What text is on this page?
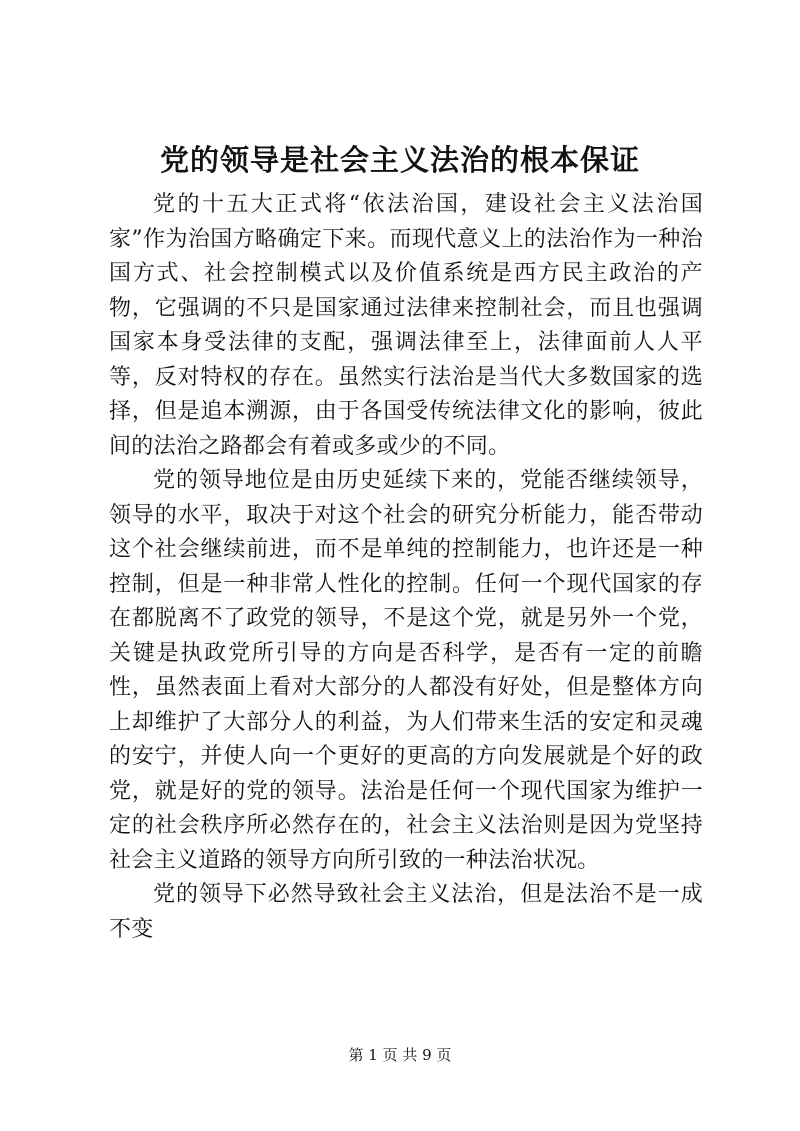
党的领导是社会主义法治的根本保证

党的十五大正式将“依法治国，建设社会主义法治国家”作为治国方略确定下来。而现代意义上的法治作为一种治国方式、社会控制模式以及价值系统是西方民主政治的产物，它强调的不只是国家通过法律来控制社会，而且也强调国家本身受法律的支配，强调法律至上，法律面前人人平等，反对特权的存在。虽然实行法治是当代大多数国家的选择，但是追本溯源，由于各国受传统法律文化的影响，彼此间的法治之路都会有着或多或少的不同。

党的领导地位是由历史延续下来的，党能否继续领导，领导的水平，取决于对这个社会的研究分析能力，能否带动这个社会继续前进，而不是单纯的控制能力，也许还是一种控制，但是一种非常人性化的控制。任何一个现代国家的存在都脱离不了政党的领导，不是这个党，就是另外一个党，关键是执政党所引导的方向是否科学，是否有一定的前瞻性，虽然表面上看对大部分的人都没有好处，但是整体方向上却维护了大部分人的利益，为人们带来生活的安定和灵魂的安宁，并使人向一个更好的更高的方向发展就是个好的政党，就是好的党的领导。法治是任何一个现代国家为维护一定的社会秩序所必然存在的，社会主义法治则是因为党坚持社会主义道路的领导方向所引致的一种法治状况。

党的领导下必然导致社会主义法治，但是法治不是一成不变

第 1 页 共 9 页
